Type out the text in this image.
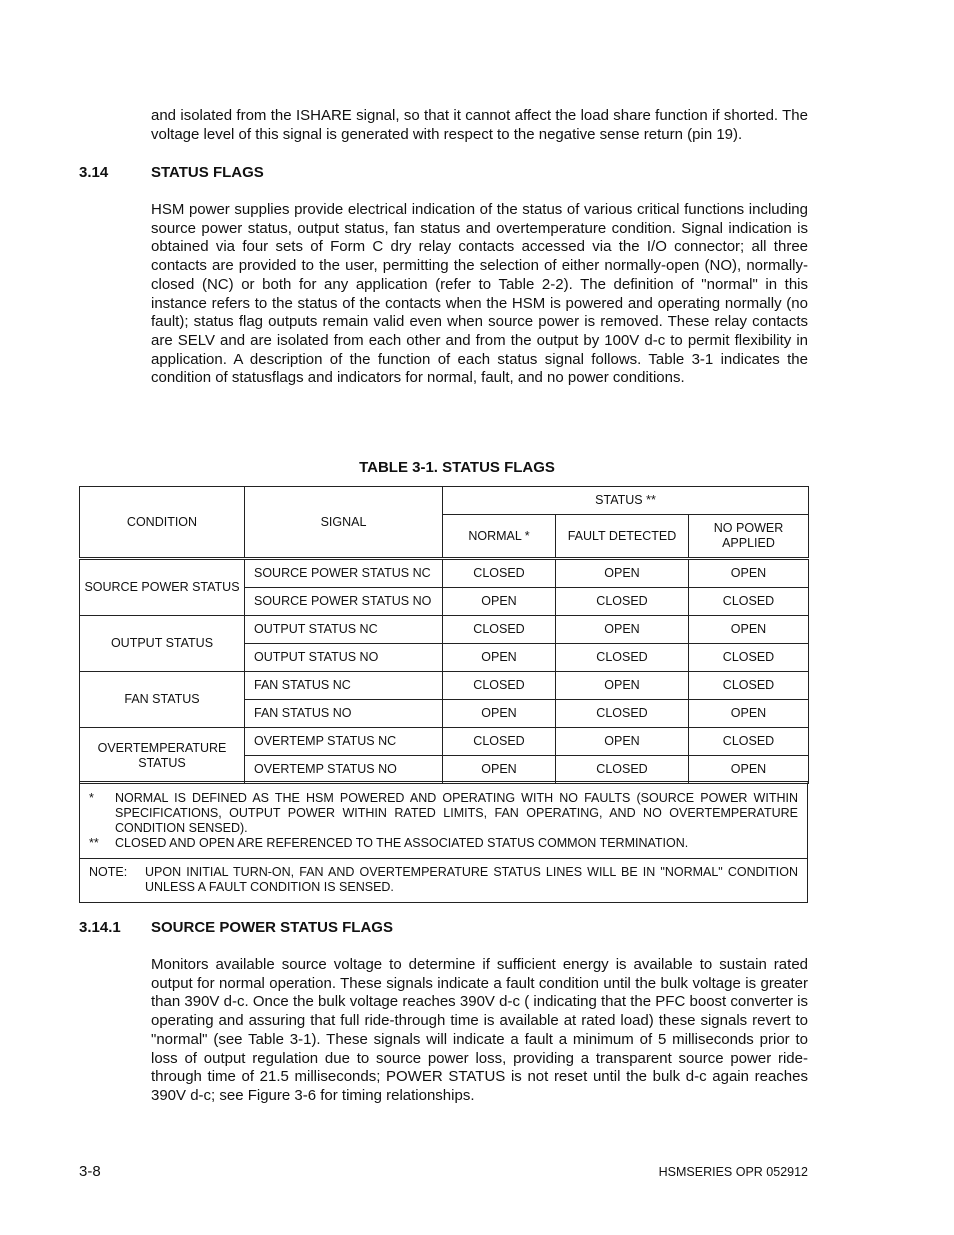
and isolated from the ISHARE signal, so that it cannot affect the load share function if shorted. The voltage level of this signal is generated with respect to the negative sense return (pin 19).

3.14	STATUS FLAGS

HSM power supplies provide electrical indication of the status of various critical functions including source power status, output status, fan status and overtemperature condition. Signal indication is obtained via four sets of Form C dry relay contacts accessed via the I/O connector; all three contacts are provided to the user, permitting the selection of either normally-open (NO), normally-closed (NC) or both for any application (refer to Table 2-2). The definition of "normal" in this instance refers to the status of the contacts when the HSM is powered and operating normally (no fault); status flag outputs remain valid even when source power is removed. These relay contacts are SELV and are isolated from each other and from the output by 100V d-c to permit flexibility in application. A description of the function of each status signal follows. Table 3-1 indicates the condition of statusflags and indicators for normal, fault, and no power conditions.

TABLE 3-1. STATUS FLAGS

CONDITION	SIGNAL	STATUS **		
		NORMAL *	FAULT DETECTED	NO POWER APPLIED
SOURCE POWER STATUS	SOURCE POWER STATUS NC	CLOSED	OPEN	OPEN
	SOURCE POWER STATUS NO	OPEN	CLOSED	CLOSED
OUTPUT STATUS	OUTPUT STATUS NC	CLOSED	OPEN	OPEN
	OUTPUT STATUS NO	OPEN	CLOSED	CLOSED
FAN STATUS	FAN STATUS NC	CLOSED	OPEN	CLOSED
	FAN STATUS NO	OPEN	CLOSED	OPEN
OVERTEMPERATURE STATUS	OVERTEMP STATUS NC	CLOSED	OPEN	CLOSED
	OVERTEMP STATUS NO	OPEN	CLOSED	OPEN
*	NORMAL IS DEFINED AS THE HSM POWERED AND OPERATING WITH NO FAULTS (SOURCE POWER WITHIN SPECIFICATIONS, OUTPUT POWER WITHIN RATED LIMITS, FAN OPERATING, AND NO OVERTEMPERATURE CONDITION SENSED).
**	CLOSED AND OPEN ARE REFERENCED TO THE ASSOCIATED STATUS COMMON TERMINATION.
NOTE:	UPON INITIAL TURN-ON, FAN AND OVERTEMPERATURE STATUS LINES WILL BE IN "NORMAL" CONDITION UNLESS A FAULT CONDITION IS SENSED.

3.14.1 SOURCE POWER STATUS FLAGS

Monitors available source voltage to determine if sufficient energy is available to sustain rated output for normal operation. These signals indicate a fault condition until the bulk voltage is greater than 390V d-c. Once the bulk voltage reaches 390V d-c ( indicating that the PFC boost converter is operating and assuring that full ride-through time is available at rated load) these signals revert to "normal" (see Table 3-1). These signals will indicate a fault a minimum of 5 milliseconds prior to loss of output regulation due to source power loss, providing a transparent source power ride-through time of 21.5 milliseconds; POWER STATUS is not reset until the bulk d-c again reaches 390V d-c; see Figure 3-6 for timing relationships.

3-8	HSMSERIES OPR 052912
